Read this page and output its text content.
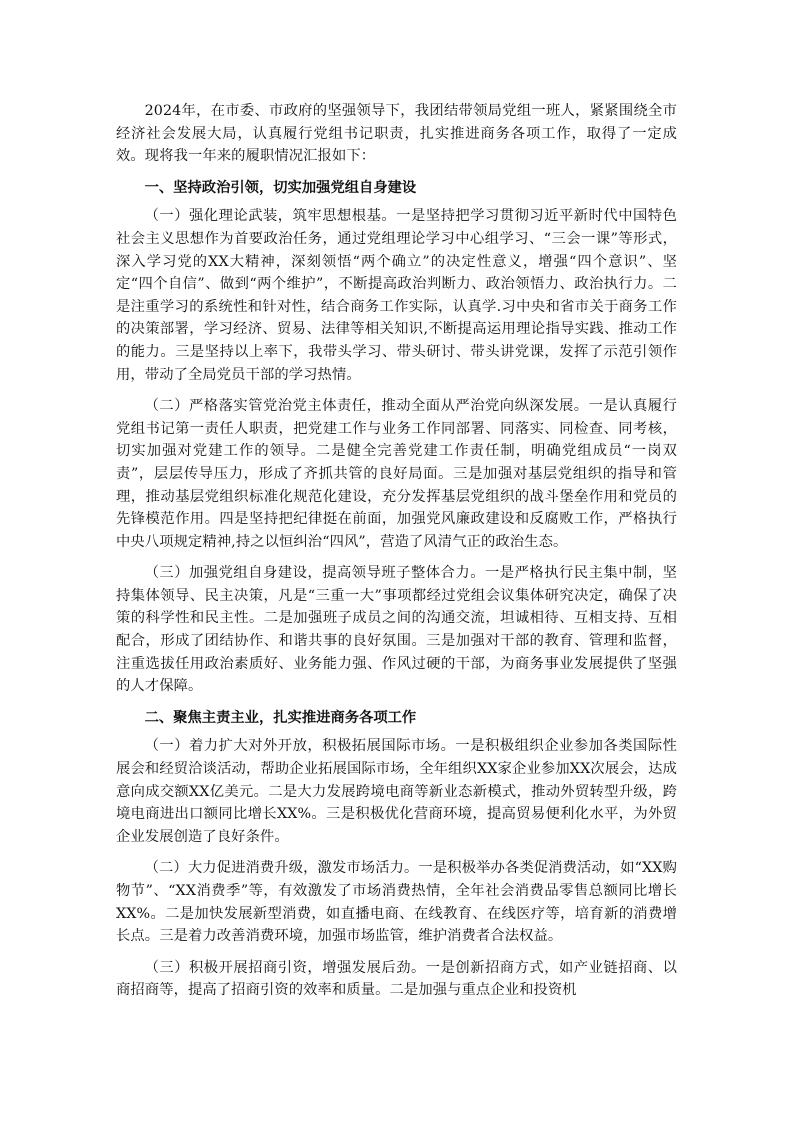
2024年，在市委、市政府的坚强领导下，我团结带领局党组一班人，紧紧围绕全市经济社会发展大局，认真履行党组书记职责，扎实推进商务各项工作，取得了一定成效。现将我一年来的履职情况汇报如下：

一、坚持政治引领，切实加强党组自身建设

（一）强化理论武装，筑牢思想根基。一是坚持把学习贯彻习近平新时代中国特色社会主义思想作为首要政治任务，通过党组理论学习中心组学习、“三会一课”等形式，深入学习党的XX大精神，深刻领悟“两个确立”的决定性意义，增强“四个意识”、坚定“四个自信”、做到“两个维护”，不断提高政治判断力、政治领悟力、政治执行力。二是注重学习的系统性和针对性，结合商务工作实际，认真学.习中央和省市关于商务工作的决策部署，学习经济、贸易、法律等相关知识,不断提高运用理论指导实践、推动工作的能力。三是坚持以上率下，我带头学习、带头研讨、带头讲党课，发挥了示范引领作用，带动了全局党员干部的学习热情。

（二）严格落实管党治党主体责任，推动全面从严治党向纵深发展。一是认真履行党组书记第一责任人职责，把党建工作与业务工作同部署、同落实、同检查、同考核，切实加强对党建工作的领导。二是健全完善党建工作责任制，明确党组成员“一岗双责”，层层传导压力，形成了齐抓共管的良好局面。三是加强对基层党组织的指导和管理，推动基层党组织标准化规范化建设，充分发挥基层党组织的战斗堡垒作用和党员的先锋模范作用。四是坚持把纪律挺在前面，加强党风廉政建设和反腐败工作，严格执行中央八项规定精神,持之以恒纠治“四风”，营造了风清气正的政治生态。

（三）加强党组自身建设，提高领导班子整体合力。一是严格执行民主集中制，坚持集体领导、民主决策，凡是“三重一大”事项都经过党组会议集体研究决定，确保了决策的科学性和民主性。二是加强班子成员之间的沟通交流，坦诚相待、互相支持、互相配合，形成了团结协作、和谐共事的良好氛围。三是加强对干部的教育、管理和监督，注重选拔任用政治素质好、业务能力强、作风过硬的干部，为商务事业发展提供了坚强的人才保障。

二、聚焦主责主业，扎实推进商务各项工作

（一）着力扩大对外开放，积极拓展国际市场。一是积极组织企业参加各类国际性展会和经贸洽谈活动，帮助企业拓展国际市场，全年组织XX家企业参加XX次展会，达成意向成交额XX亿美元。二是大力发展跨境电商等新业态新模式，推动外贸转型升级，跨境电商进出口额同比增长XX%。三是积极优化营商环境，提高贸易便利化水平，为外贸企业发展创造了良好条件。

（二）大力促进消费升级，激发市场活力。一是积极举办各类促消费活动，如“XX购物节”、“XX消费季”等，有效激发了市场消费热情，全年社会消费品零售总额同比增长XX%。二是加快发展新型消费，如直播电商、在线教育、在线医疗等，培育新的消费增长点。三是着力改善消费环境，加强市场监管，维护消费者合法权益。

（三）积极开展招商引资，增强发展后劲。一是创新招商方式，如产业链招商、以商招商等，提高了招商引资的效率和质量。二是加强与重点企业和投资机
